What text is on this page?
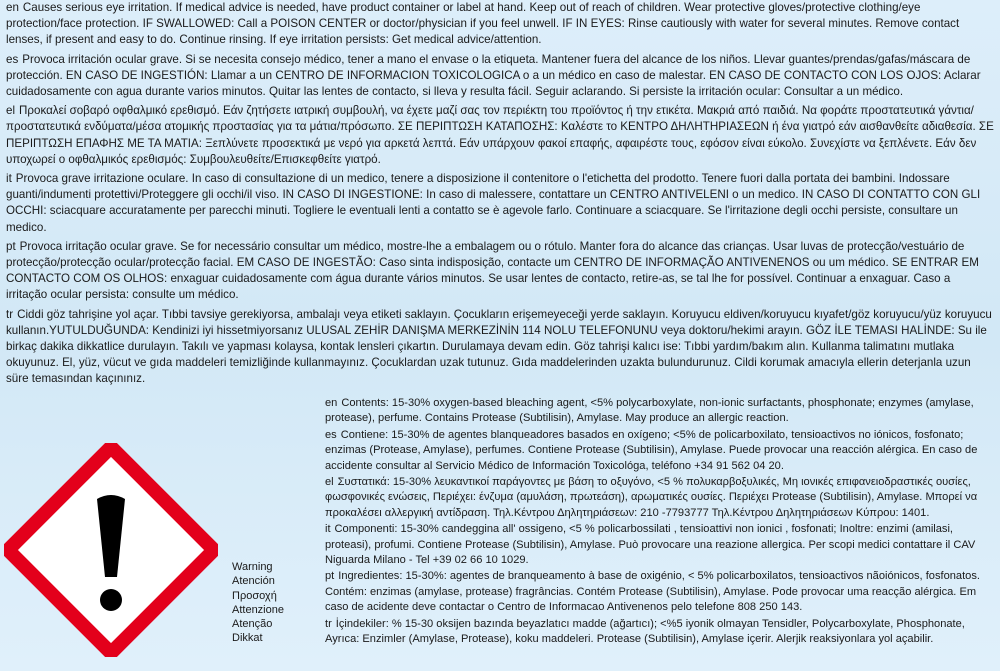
en Causes serious eye irritation. If medical advice is needed, have product container or label at hand. Keep out of reach of children. Wear protective gloves/protective clothing/eye protection/face protection. IF SWALLOWED: Call a POISON CENTER or doctor/physician if you feel unwell. IF IN EYES: Rinse cautiously with water for several minutes. Remove contact lenses, if present and easy to do. Continue rinsing. If eye irritation persists: Get medical advice/attention.

es Provoca irritación ocular grave. Si se necesita consejo médico, tener a mano el envase o la etiqueta. Mantener fuera del alcance de los niños. Llevar guantes/prendas/gafas/máscara de protección. EN CASO DE INGESTIÓN: Llamar a un CENTRO DE INFORMACION TOXICOLOGICA o a un médico en caso de malestar. EN CASO DE CONTACTO CON LOS OJOS: Aclarar cuidadosamente con agua durante varios minutos. Quitar las lentes de contacto, si lleva y resulta fácil. Seguir aclarando. Si persiste la irritación ocular: Consultar a un médico.

el Προκαλεί σοβαρό οφθαλμικό ερεθισμό. Εάν ζητήσετε ιατρική συμβουλή, να έχετε μαζί σας τον περιέκτη του προϊόντος ή την ετικέτα. Μακριά από παιδιά. Να φοράτε προστατευτικά γάντια/προστατευτικά ενδύματα/μέσα ατομικής προστασίας για τα μάτια/πρόσωπο. ΣΕ ΠΕΡΙΠΤΩΣΗ ΚΑΤΑΠΟΣΗΣ: Καλέστε το ΚΕΝΤΡΟ ΔΗΛΗΤΗΡΙΑΣΕΩΝ ή ένα γιατρό εάν αισθανθείτε αδιαθεσία. ΣΕ ΠΕΡΙΠΤΩΣΗ ΕΠΑΦΗΣ ΜΕ ΤΑ ΜΑΤΙΑ: Ξεπλύνετε προσεκτικά με νερό για αρκετά λεπτά. Εάν υπάρχουν φακοί επαφής, αφαιρέστε τους, εφόσον είναι εύκολο. Συνεχίστε να ξεπλένετε. Εάν δεν υποχωρεί ο οφθαλμικός ερεθισμός: Συμβουλευθείτε/Επισκεφθείτε γιατρό.

it Provoca grave irritazione oculare. In caso di consultazione di un medico, tenere a disposizione il contenitore o l'etichetta del prodotto. Tenere fuori dalla portata dei bambini. Indossare guanti/indumenti protettivi/Proteggere gli occhi/il viso. IN CASO DI INGESTIONE: In caso di malessere, contattare un CENTRO ANTIVELENI o un medico. IN CASO DI CONTATTO CON GLI OCCHI: sciacquare accuratamente per parecchi minuti. Togliere le eventuali lenti a contatto se è agevole farlo. Continuare a sciacquare. Se l'irritazione degli occhi persiste, consultare un medico.

pt Provoca irritação ocular grave. Se for necessário consultar um médico, mostre-lhe a embalagem ou o rótulo. Manter fora do alcance das crianças. Usar luvas de protecção/vestuário de protecção/protecção ocular/protecção facial. EM CASO DE INGESTÃO: Caso sinta indisposição, contacte um CENTRO DE INFORMAÇÃO ANTIVENENOS ou um médico. SE ENTRAR EM CONTACTO COM OS OLHOS: enxaguar cuidadosamente com água durante vários minutos. Se usar lentes de contacto, retire-as, se tal lhe for possível. Continuar a enxaguar. Caso a irritação ocular persista: consulte um médico.

tr Ciddi göz tahrişine yol açar. Tıbbi tavsiye gerekiyorsa, ambalajı veya etiketi saklayın. Çocukların erişemeyeceği yerde saklayın. Koruyucu eldiven/koruyucu kıyafet/göz koruyucu/yüz koruyucu kullanın.YUTULDUĞUNDA: Kendinizi iyi hissetmiyorsanız ULUSAL ZEHİR DANIŞMA MERKEZİNİN 114 NOLU TELEFONUNU veya doktoru/hekimi arayın. GÖZ İLE TEMASI HALİNDE: Su ile birkaç dakika dikkatlice durulayın. Takılı ve yapması kolaysa, kontak lensleri çıkartın. Durulamaya devam edin. Göz tahrişi kalıcı ise: Tıbbi yardım/bakım alın. Kullanma talimatını mutlaka okuyunuz. El, yüz, vücut ve gıda maddeleri temizliğinde kullanmayınız. Çocuklardan uzak tutunuz. Gıda maddelerinden uzakta bulundurunuz. Cildi korumak amacıyla ellerin deterjanla uzun süre temasından kaçınınız.

Warning
Atención
Προσοχή
Attenzione
Atenção
Dikkat

en Contents: 15-30% oxygen-based bleaching agent, <5% polycarboxylate, non-ionic surfactants, phosphonate; enzymes (amylase, protease), perfume. Contains Protease (Subtilisin), Amylase. May produce an allergic reaction.

es Contiene: 15-30% de agentes blanqueadores basados en oxígeno; <5% de policarboxilato, tensioactivos no iónicos, fosfonato; enzimas (Protease, Amylase), perfumes. Contiene Protease (Subtilisin), Amylase. Puede provocar una reacción alérgica. En caso de accidente consultar al Servicio Médico de Información Toxicológa, teléfono +34 91 562 04 20.

el Συστατικά: 15-30% λευκαντικοί παράγοντες με βάση το οξυγόνο, <5 % πολυκαρβοξυλικές, Μη ιονικές επιφανειοδραστικές ουσίες, φωσφονικές ενώσεις, Περιέχει: ένζυμα (αμυλάση, πρωτεάση), αρωματικές ουσίες. Περιέχει Protease (Subtilisin), Amylase. Μπορεί να προκαλέσει αλλεργική αντίδραση. Τηλ.Κέντρου Δηλητηριάσεων: 210 -7793777 Τηλ.Κέντρου Δηλητηριάσεων Κύπρου: 1401.

it Componenti: 15-30% candeggina all' ossigeno, <5 % policarbossilati , tensioattivi non ionici , fosfonati; Inoltre: enzimi (amilasi, proteasi), profumi. Contiene Protease (Subtilisin), Amylase. Può provocare una reazione allergica. Per scopi medici contattare il CAV Niguarda Milano - Tel +39 02 66 10 1029.

pt Ingredientes: 15-30%: agentes de branqueamento à base de oxigénio, < 5% policarboxilatos, tensioactivos nãoiónicos, fosfonatos. Contém: enzimas (amylase, protease) fragrâncias. Contém Protease (Subtilisin), Amylase. Pode provocar uma reacção alérgica. Em caso de acidente deve contactar o Centro de Informacao Antivenenos pelo telefone 808 250 143.

tr İçindekiler: % 15-30 oksijen bazında beyazlatıcı madde (ağartıcı); <%5 iyonik olmayan Tensidler, Polycarboxylate, Phosphonate, Ayrıca: Enzimler (Amylase, Protease), koku maddeleri. Protease (Subtilisin), Amylase içerir. Alerjik reaksiyonlara yol açabilir.
